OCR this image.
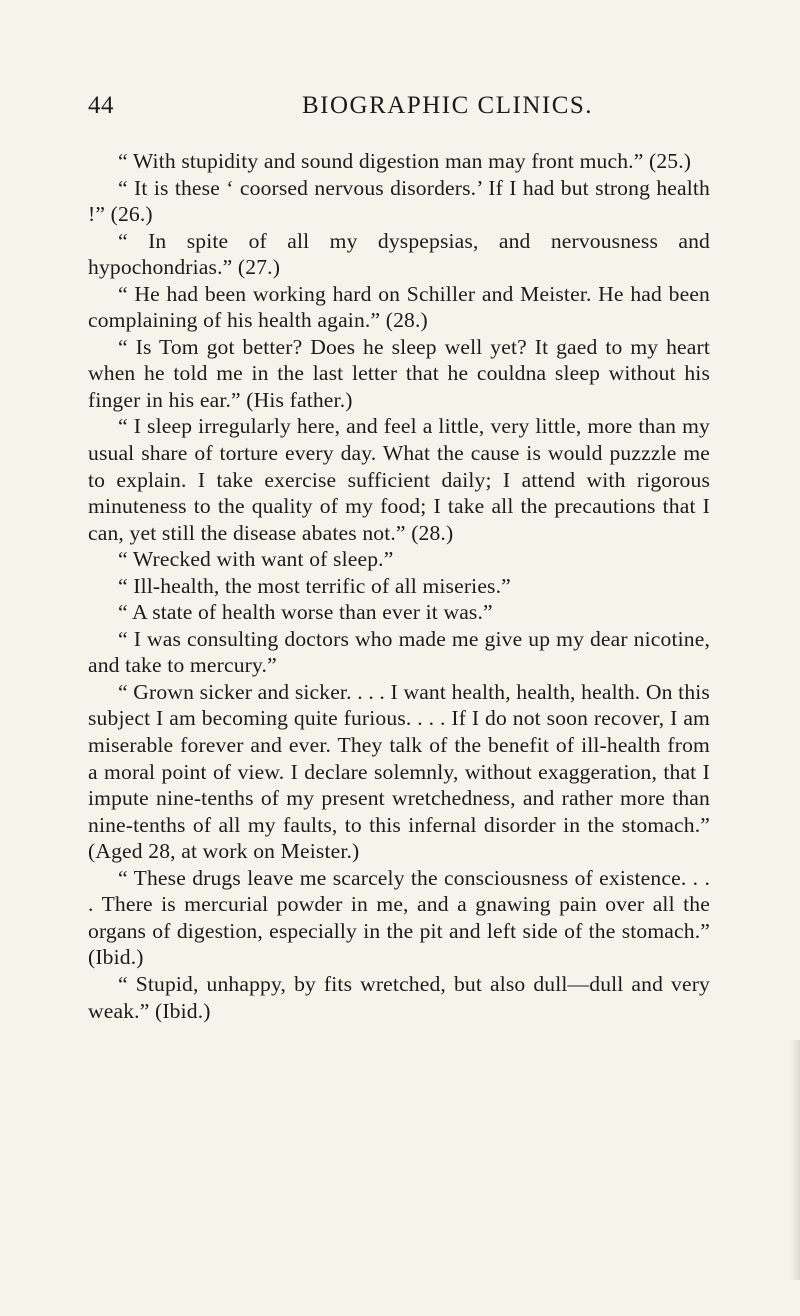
44	BIOGRAPHIC CLINICS.

“ With stupidity and sound digestion man may front much.” (25.)

“ It is these ‘ coorsed nervous disorders.’ If I had but strong health !” (26.)

“ In spite of all my dyspepsias, and nervousness and hypochondrias.” (27.)

“ He had been working hard on Schiller and Meister. He had been complaining of his health again.” (28.)

“ Is Tom got better? Does he sleep well yet? It gaed to my heart when he told me in the last letter that he couldna sleep without his finger in his ear.” (His father.)

“ I sleep irregularly here, and feel a little, very little, more than my usual share of torture every day. What the cause is would puzzzle me to explain. I take exercise sufficient daily; I attend with rigorous minuteness to the quality of my food; I take all the precautions that I can, yet still the disease abates not.” (28.)

“ Wrecked with want of sleep.”

“ Ill-health, the most terrific of all miseries.”

“ A state of health worse than ever it was.”

“ I was consulting doctors who made me give up my dear nicotine, and take to mercury.”

“ Grown sicker and sicker. . . . I want health, health, health. On this subject I am becoming quite furious. . . . If I do not soon recover, I am miserable forever and ever. They talk of the benefit of ill-health from a moral point of view. I declare solemnly, without exaggeration, that I impute nine-tenths of my present wretchedness, and rather more than nine-tenths of all my faults, to this infernal disorder in the stomach.” (Aged 28, at work on Meister.)

“ These drugs leave me scarcely the consciousness of existence. . . . There is mercurial powder in me, and a gnawing pain over all the organs of digestion, especially in the pit and left side of the stomach.” (Ibid.)

“ Stupid, unhappy, by fits wretched, but also dull—dull and very weak.” (Ibid.)
